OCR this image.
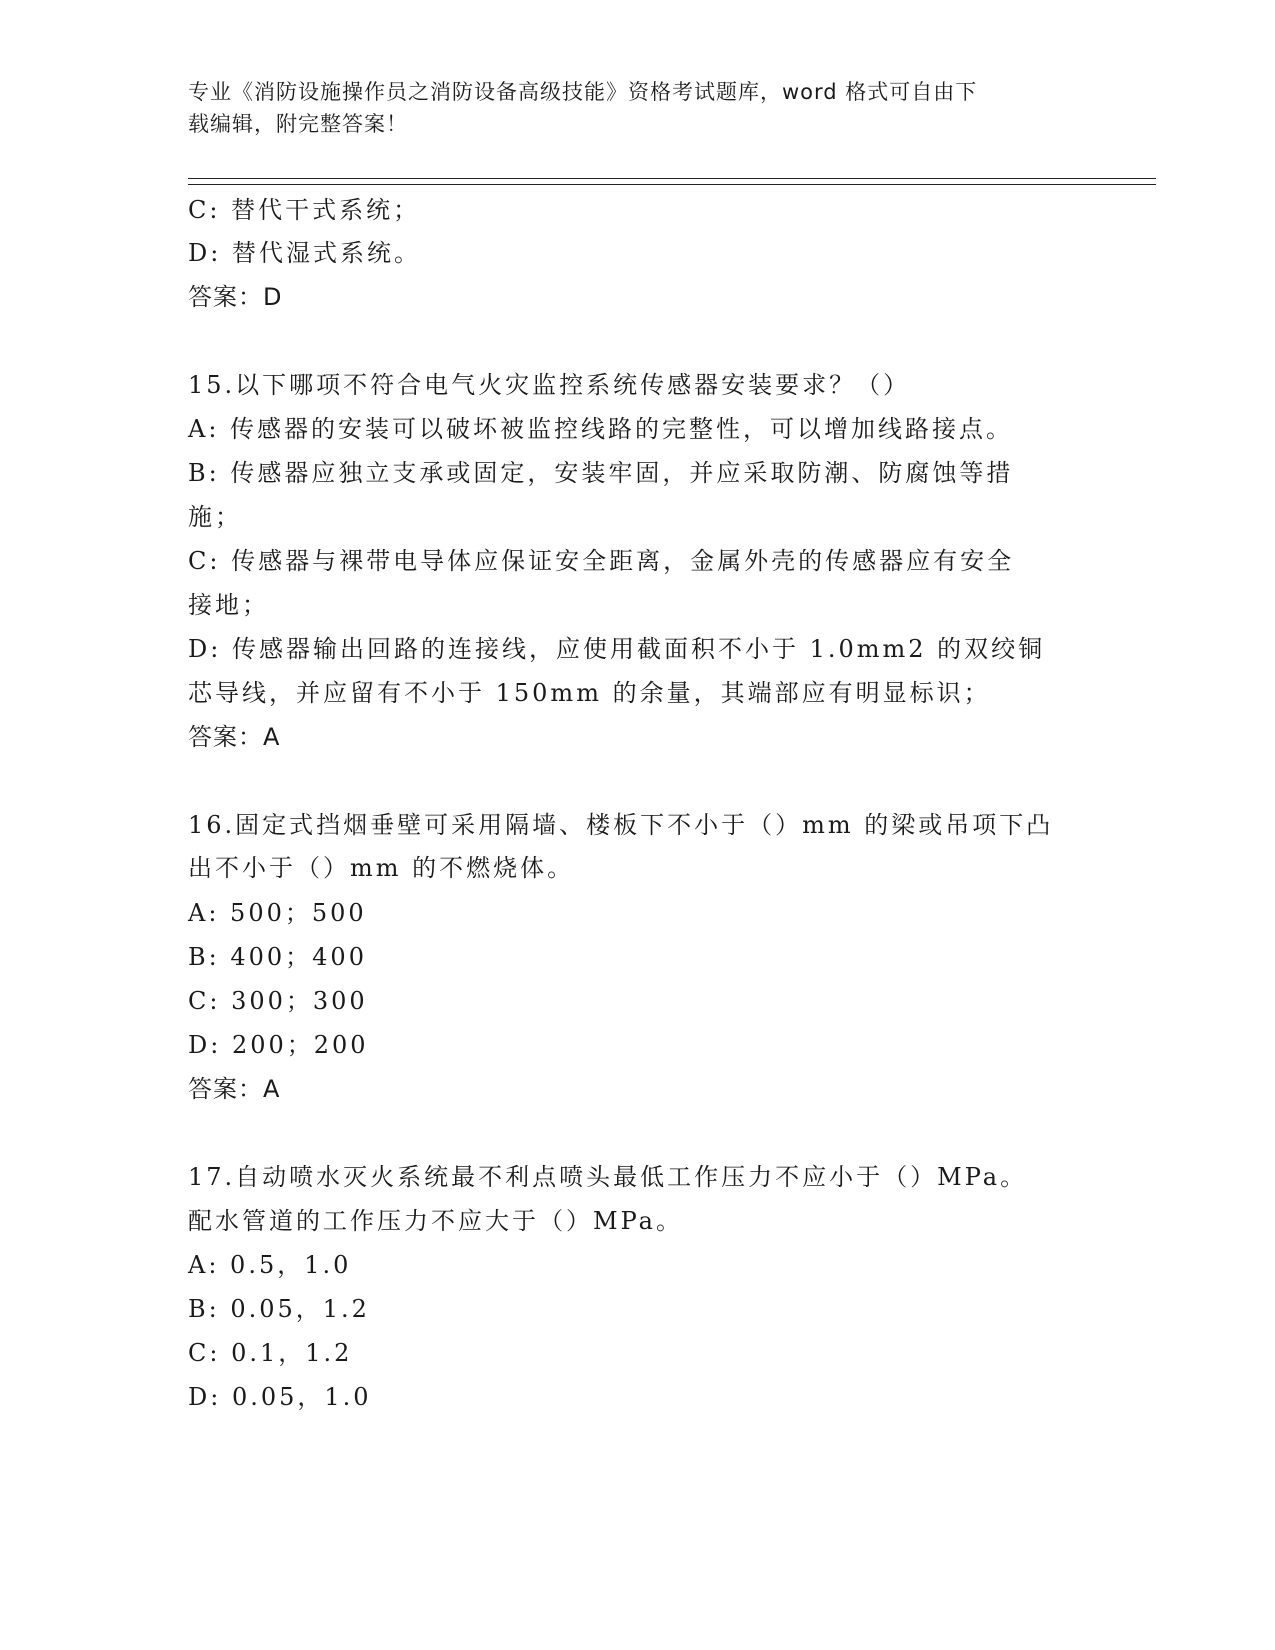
专业《消防设施操作员之消防设备高级技能》资格考试题库，word 格式可自由下
载编辑，附完整答案！
C: 替代干式系统；
D: 替代湿式系统。
答案：D
15.以下哪项不符合电气火灾监控系统传感器安装要求？（）
A: 传感器的安装可以破坏被监控线路的完整性，可以增加线路接点。
B: 传感器应独立支承或固定，安装牢固，并应采取防潮、防腐蚀等措
施；
C: 传感器与裸带电导体应保证安全距离，金属外壳的传感器应有安全
接地；
D: 传感器输出回路的连接线，应使用截面积不小于 1.0mm2 的双绞铜
芯导线，并应留有不小于 150mm 的余量，其端部应有明显标识；
答案：A
16.固定式挡烟垂壁可采用隔墙、楼板下不小于（）mm 的梁或吊项下凸
出不小于（）mm 的不燃烧体。
A: 500；500
B: 400；400
C: 300；300
D: 200；200
答案：A
17.自动喷水灭火系统最不利点喷头最低工作压力不应小于（）MPa。
配水管道的工作压力不应大于（）MPa。
A: 0.5，1.0
B: 0.05，1.2
C: 0.1，1.2
D: 0.05，1.0
